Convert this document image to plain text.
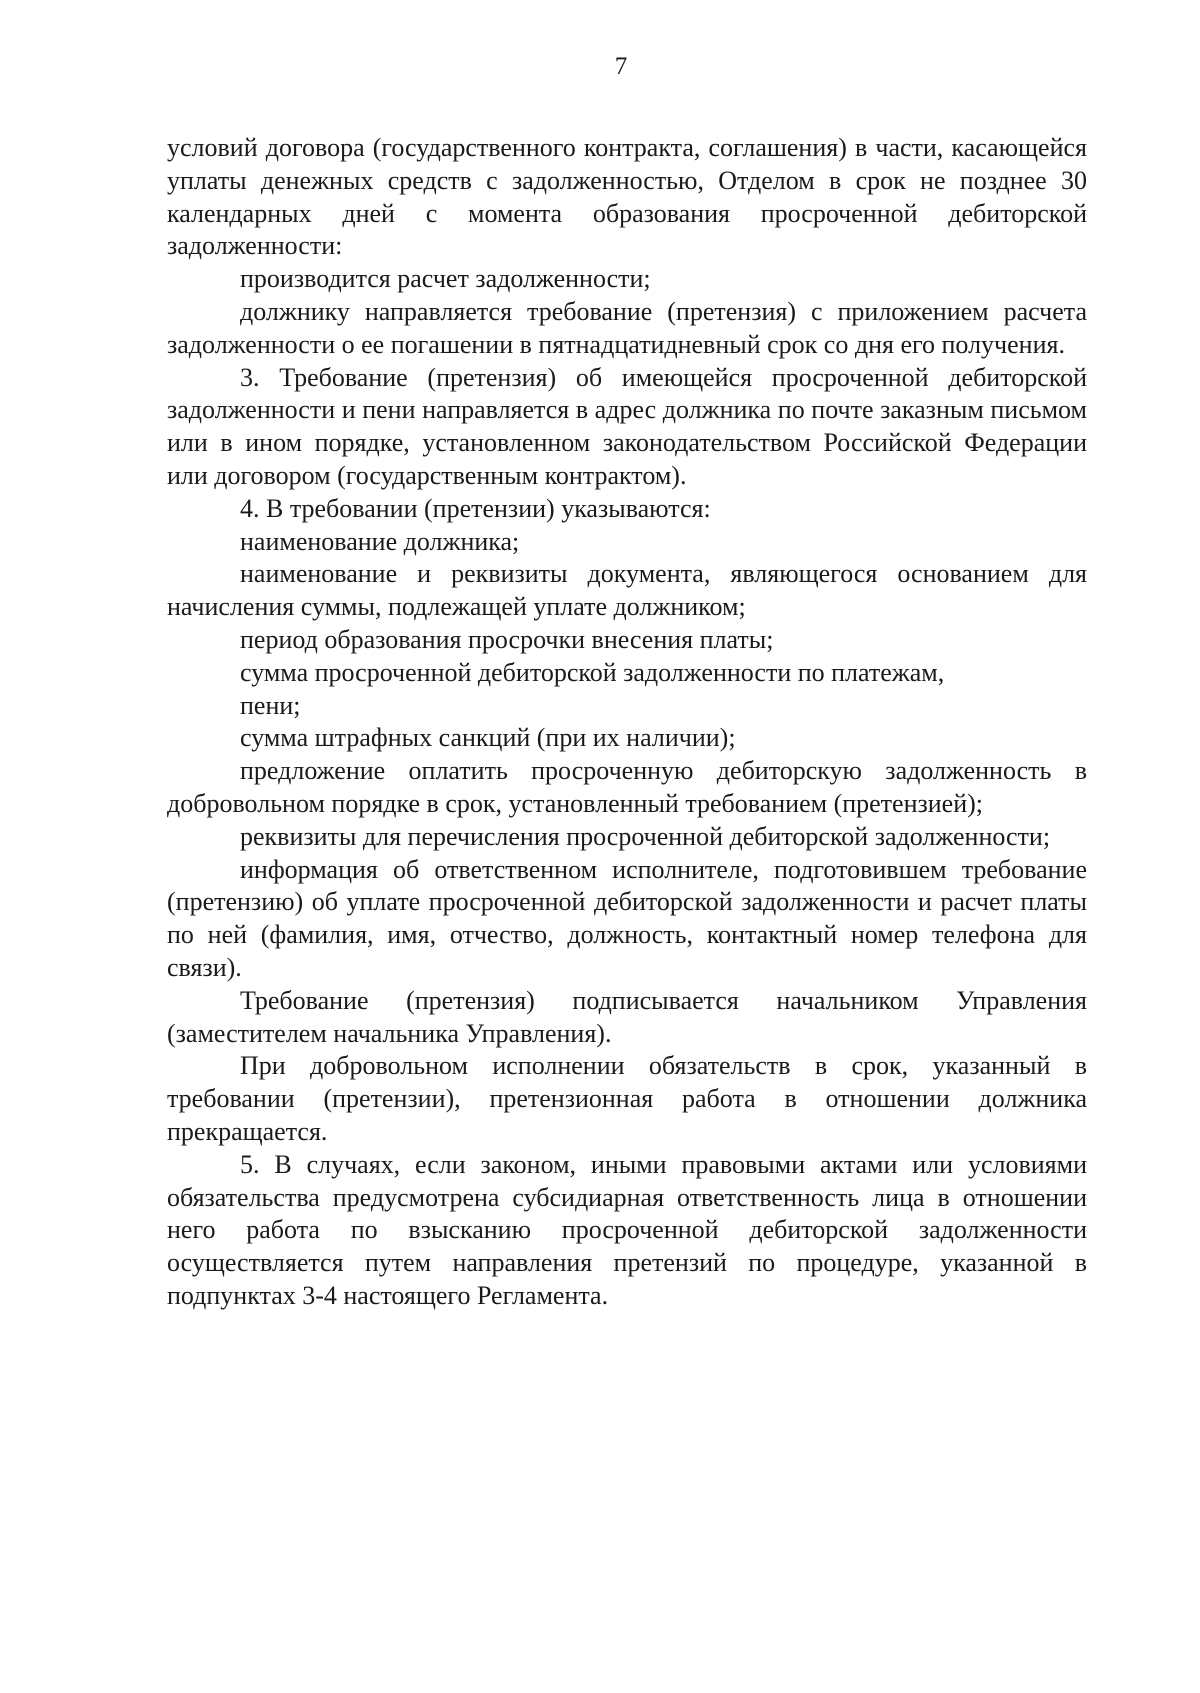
7

условий договора (государственного контракта, соглашения) в части, касающейся уплаты денежных средств с задолженностью, Отделом в срок не позднее 30 календарных дней с момента образования просроченной дебиторской задолженности:

производится расчет задолженности;

должнику направляется требование (претензия) с приложением расчета задолженности о ее погашении в пятнадцатидневный срок со дня его получения.

3. Требование (претензия) об имеющейся просроченной дебиторской задолженности и пени направляется в адрес должника по почте заказным письмом или в ином порядке, установленном законодательством Российской Федерации или договором (государственным контрактом).

4. В требовании (претензии) указываются:

наименование должника;

наименование и реквизиты документа, являющегося основанием для начисления суммы, подлежащей уплате должником;

период образования просрочки внесения платы;

сумма просроченной дебиторской задолженности по платежам,

пени;

сумма штрафных санкций (при их наличии);

предложение оплатить просроченную дебиторскую задолженность в добровольном порядке в срок, установленный требованием (претензией);

реквизиты для перечисления просроченной дебиторской задолженности;

информация об ответственном исполнителе, подготовившем требование (претензию) об уплате просроченной дебиторской задолженности и расчет платы по ней (фамилия, имя, отчество, должность, контактный номер телефона для связи).

Требование (претензия) подписывается начальником Управления (заместителем начальника Управления).

При добровольном исполнении обязательств в срок, указанный в требовании (претензии), претензионная работа в отношении должника прекращается.

5. В случаях, если законом, иными правовыми актами или условиями обязательства предусмотрена субсидиарная ответственность лица в отношении него работа по взысканию просроченной дебиторской задолженности осуществляется путем направления претензий по процедуре, указанной в подпунктах 3-4 настоящего Регламента.
